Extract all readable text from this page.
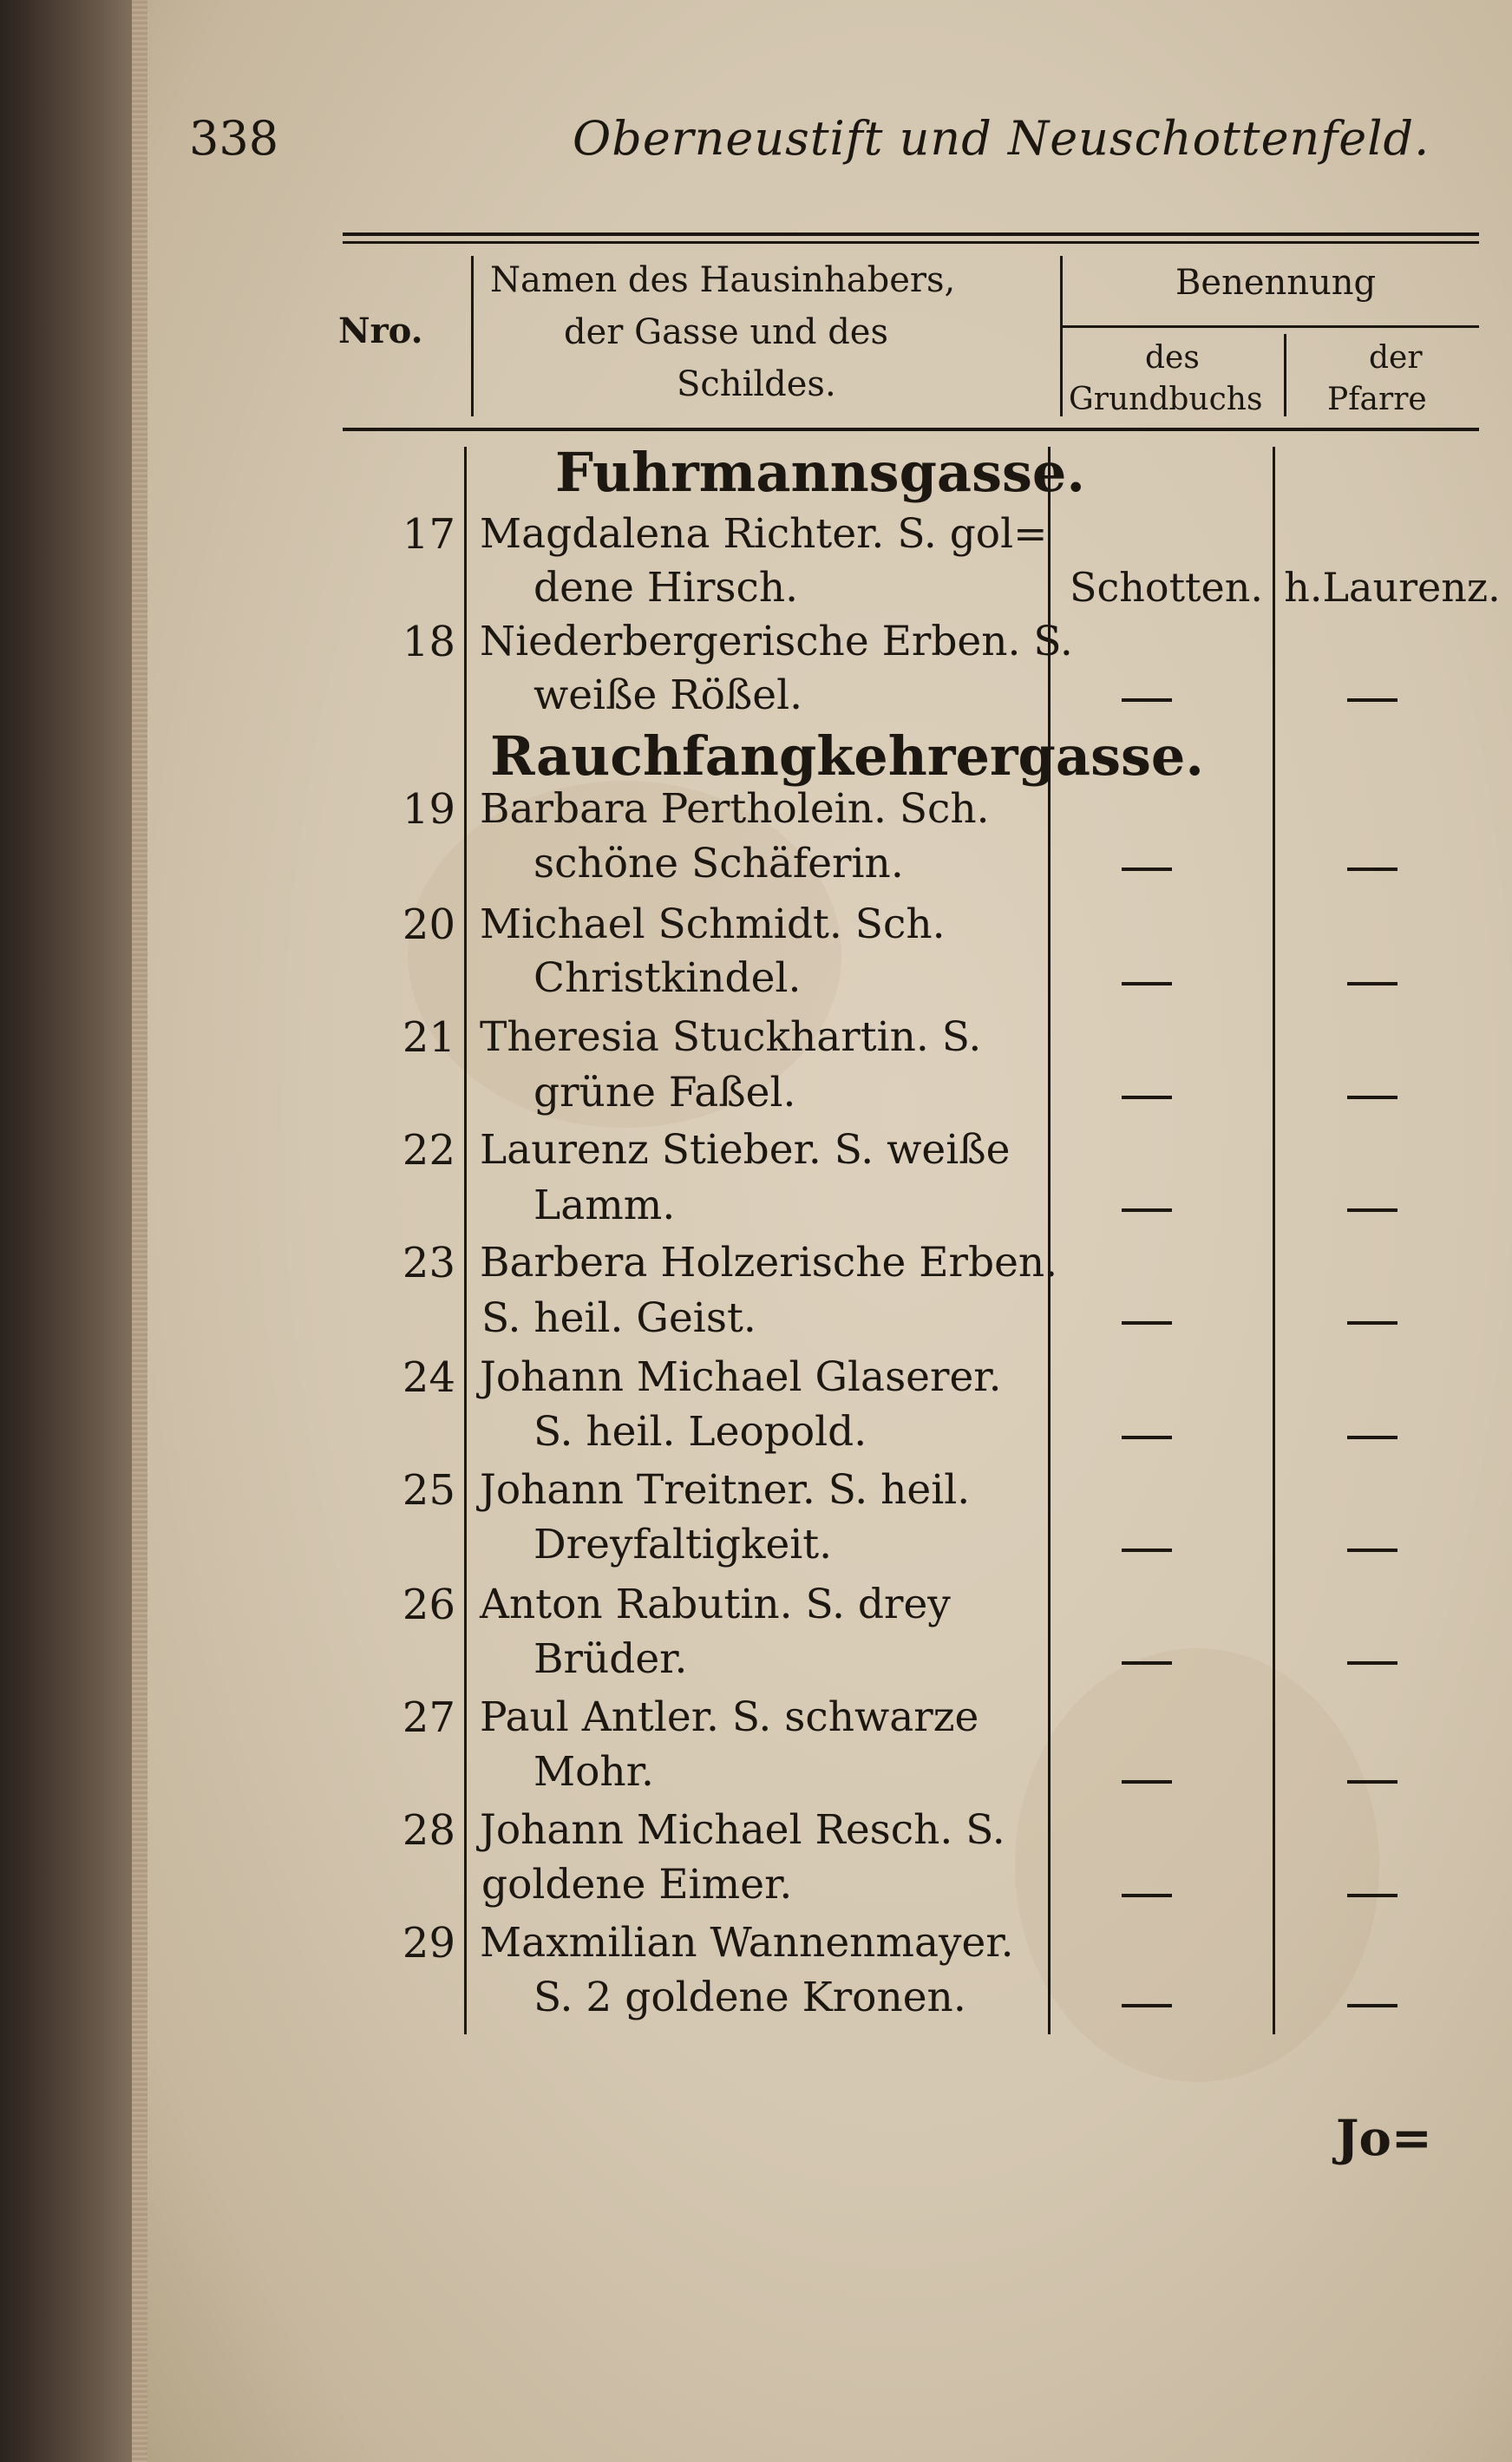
338	Oberneustift und Neuschottenfeld.
Nro.
Namen des Hausinhabers,
der Gasse und des
Schildes.
Benennung
des
Grundbuchs
der
Pfarre
Fuhrmannsgasse.
Rauchfangkehrergasse.
17 Magdalena Richter. S. gol=
dene Hirsch.	Schotten. h.Laurenz.
18 Niederbergerische Erben. S.
weiße Rößel.
19 Barbara Pertholein. Sch.
schöne Schäferin.
20 Michael Schmidt. Sch.
Christkindel.
21 Theresia Stuckhartin. S.
grüne Faßel.
22 Laurenz Stieber. S. weiße
Lamm.
23 Barbera Holzerische Erben.
S. heil. Geist.
24 Johann Michael Glaserer.
S. heil. Leopold.
25 Johann Treitner. S. heil.
Dreyfaltigkeit.
26 Anton Rabutin. S. drey
Brüder.
27 Paul Antler. S. schwarze
Mohr.
28 Johann Michael Resch. S.
goldene Eimer.
29 Maxmilian Wannenmayer.
S. 2 goldene Kronen.
Jo=
